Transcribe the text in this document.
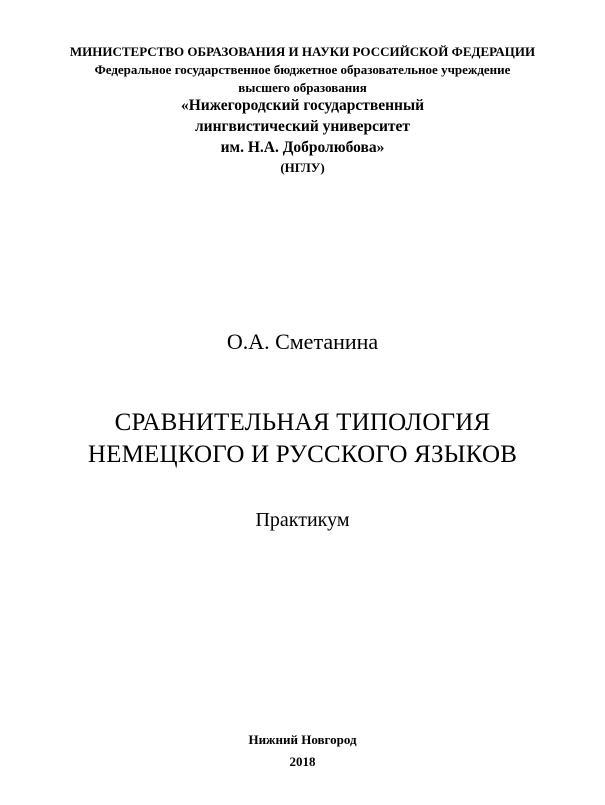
МИНИСТЕРСТВО ОБРАЗОВАНИЯ И НАУКИ РОССИЙСКОЙ ФЕДЕРАЦИИ
Федеральное государственное бюджетное образовательное учреждение
высшего образования
«Нижегородский государственный
лингвистический университет
им. Н.А. Добролюбова»
(НГЛУ)
О.А. Сметанина
СРАВНИТЕЛЬНАЯ ТИПОЛОГИЯ
НЕМЕЦКОГО И РУССКОГО ЯЗЫКОВ
Практикум
Нижний Новгород
2018
